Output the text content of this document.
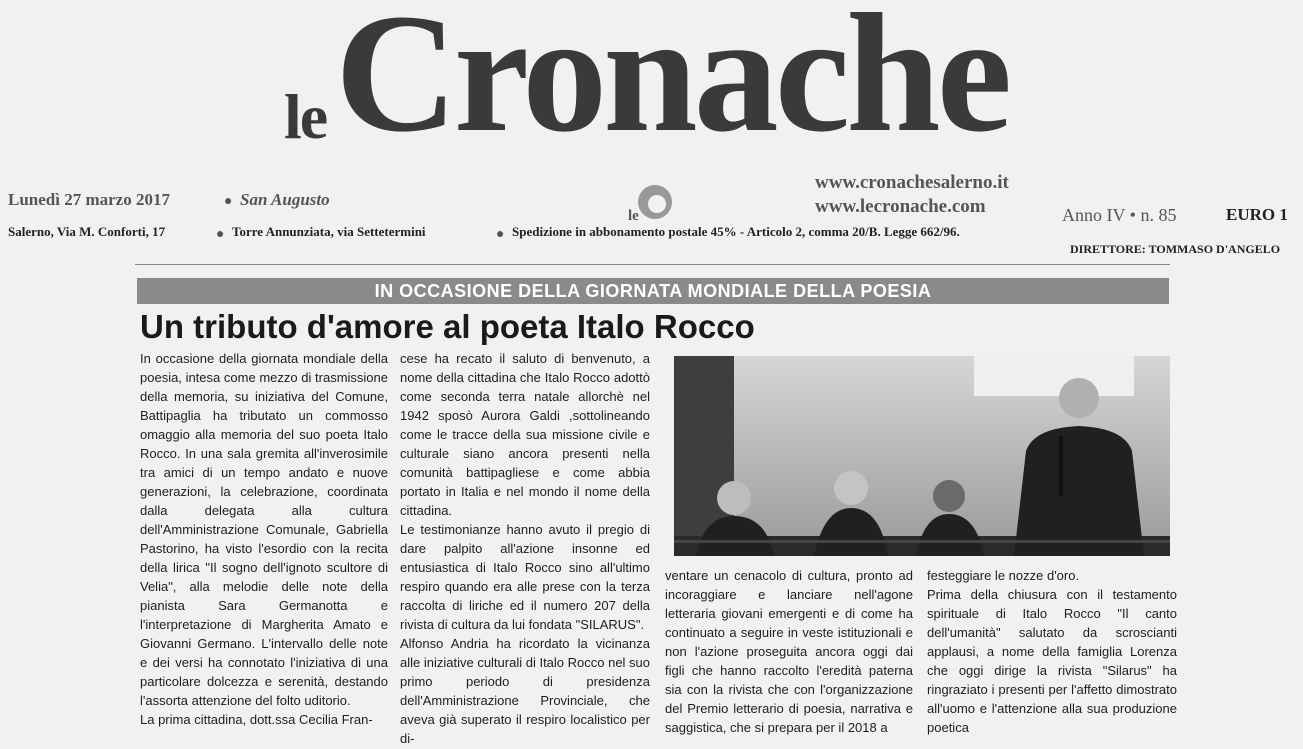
le Cronache
Lunedì 27 marzo 2017	San Augusto
●
le
www.cronachesalerno.it
www.lecronache.com	Anno IV • n. 85	EURO 1
Salerno, Via M. Conforti, 17	● Torre Annunziata, via Settetermini	● Spedizione in abbonamento postale 45% - Articolo 2, comma 20/B. Legge 662/96.
DIRETTORE: TOMMASO D'ANGELO
IN OCCASIONE DELLA GIORNATA MONDIALE DELLA POESIA
Un tributo d'amore al poeta Italo Rocco

In occasione della giornata mondiale della poesia, intesa come mezzo di trasmissione della memoria, su iniziativa del Comune, Battipaglia ha tributato un commosso omaggio alla memoria del suo poeta Italo Rocco. In una sala gremita all'inverosimile tra amici di un tempo andato e nuove generazioni, la celebrazione, coordinata dalla delegata alla cultura dell'Amministrazione Comunale, Gabriella Pastorino, ha visto l'esordio con la recita della lirica "Il sogno dell'ignoto scultore di Velia", alla melodie delle note della pianista Sara Germanotta e l'interpretazione di Margherita Amato e Giovanni Germano. L'intervallo delle note e dei versi ha connotato l'iniziativa di una particolare dolcezza e serenità, destando l'assorta attenzione del folto uditorio.

La prima cittadina, dott.ssa Cecilia Fran-

cese ha recato il saluto di benvenuto, a nome della cittadina che Italo Rocco adottò come seconda terra natale allorchè nel 1942 sposò Aurora Galdi ,sottolineando come le tracce della sua missione civile e culturale siano ancora presenti nella comunità battipagliese e come abbia portato in Italia e nel mondo il nome della cittadina.

Le testimonianze hanno avuto il pregio di dare palpito all'azione insonne ed entusiastica di Italo Rocco sino all'ultimo respiro quando era alle prese con la terza raccolta di liriche ed il numero 207 della rivista di cultura da lui fondata "SILARUS".

Alfonso Andria ha ricordato la vicinanza alle iniziative culturali di Italo Rocco nel suo primo periodo di presidenza dell'Amministrazione Provinciale, che aveva già superato il respiro localistico per di-

ventare un cenacolo di cultura, pronto ad incoraggiare e lanciare nell'agone letteraria giovani emergenti e di come ha continuato a seguire in veste istituzionali e non l'azione proseguita ancora oggi dai figli che hanno raccolto l'eredità paterna sia con la rivista che con l'organizzazione del Premio letterario di poesia, narrativa e saggistica, che si prepara per il 2018 a

festeggiare le nozze d'oro.

Prima della chiusura con il testamento spirituale di Italo Rocco "Il canto dell'umanità" salutato da scroscianti applausi, a nome della famiglia Lorenza che oggi dirige la rivista "Silarus" ha ringraziato i presenti per l'affetto dimostrato all'uomo e l'attenzione alla sua produzione poetica
